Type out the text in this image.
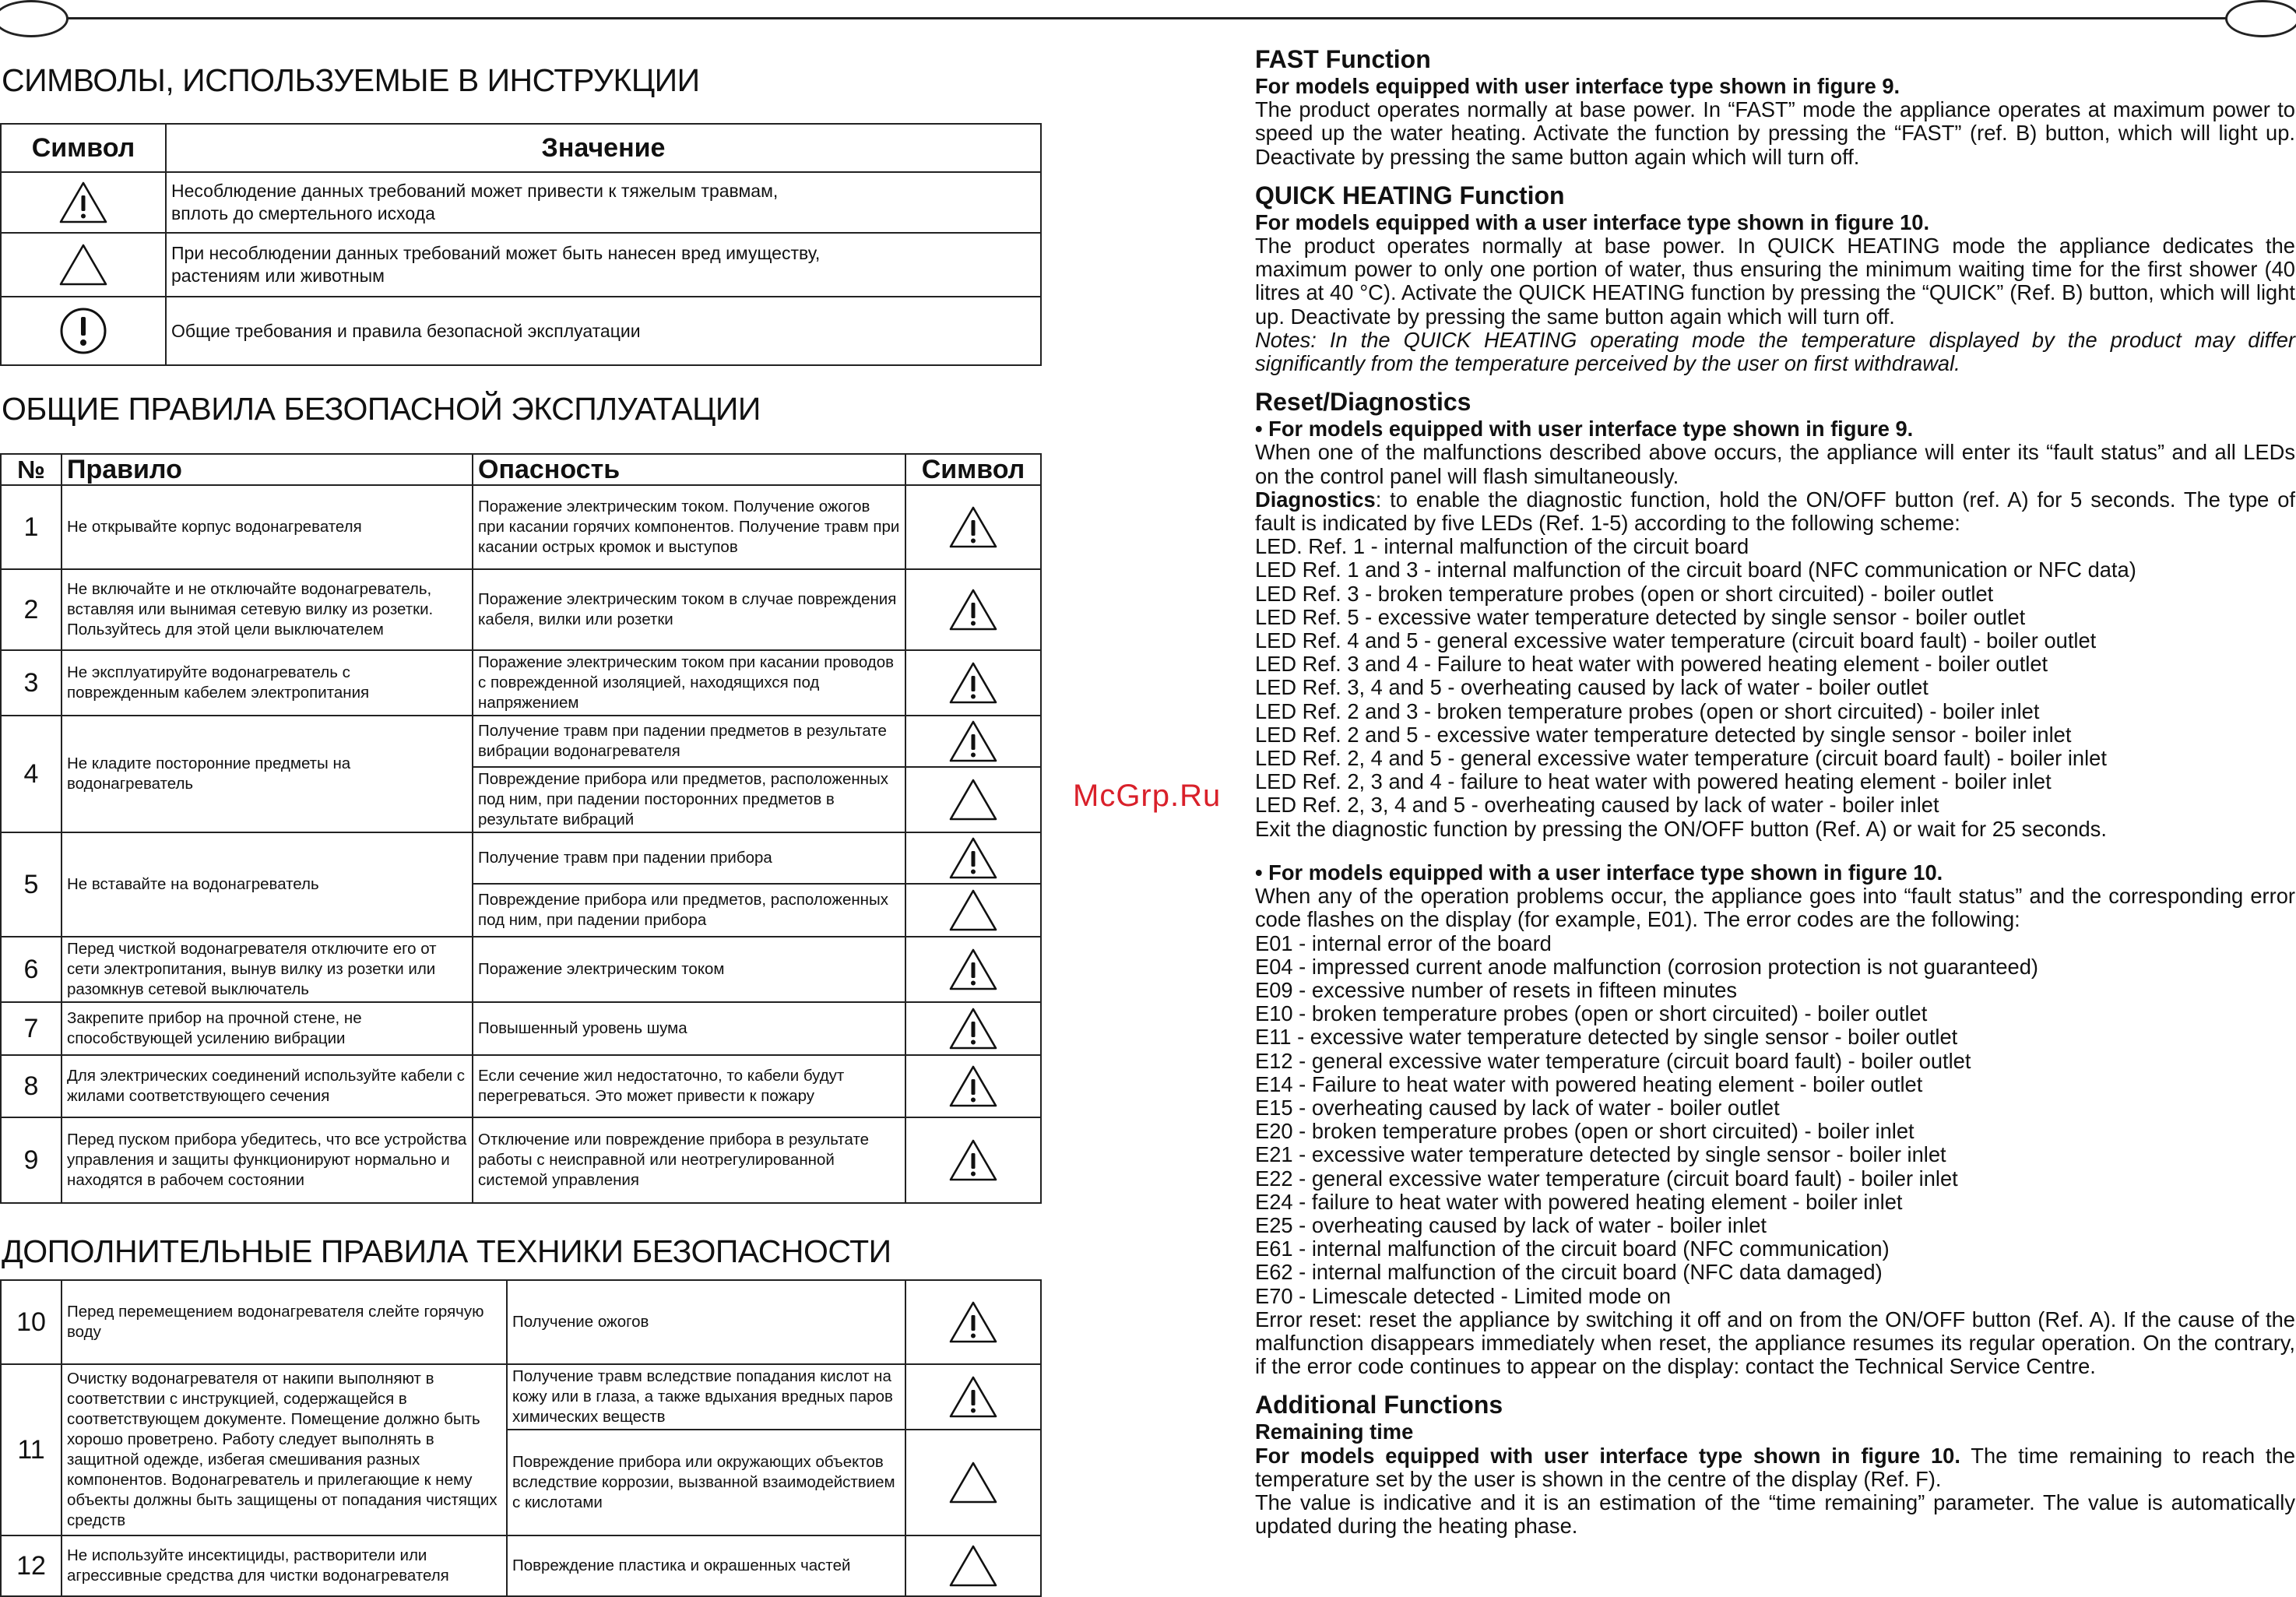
СИМВОЛЫ, ИСПОЛЬЗУЕМЫЕ В ИНСТРУКЦИИ
Символ	Значение

	Несоблюдение данных требований может привести к тяжелым травмам,
вплоть до смертельного исхода

	При несоблюдении данных требований может быть нанесен вред имуществу,
растениям или животным

	Общие требования и правила безопасной эксплуатации
ОБЩИЕ ПРАВИЛА БЕЗОПАСНОЙ ЭКСПЛУАТАЦИИ
№	Правило	Опасность	Символ
1	Не открывайте корпус водонагревателя	Поражение электрическим током. Получение ожогов при касании горячих компонентов. Получение травм при касании острых кромок и выступов	

2	Не включайте и не отключайте водонагреватель, вставляя или вынимая сетевую вилку из розетки. Пользуйтесь для этой цели выключателем	Поражение электрическим током в случае повреждения кабеля, вилки или розетки	

3	Не эксплуатируйте водонагреватель с поврежденным кабелем электропитания	Поражение электрическим током при касании проводов с поврежденной изоляцией, находящихся под напряжением	

4	Не кладите посторонние предметы на водонагреватель	Получение травм при падении предметов в результате вибрации водонагревателя	

		Повреждение прибора или предметов, расположенных под ним, при падении посторонних предметов в результате вибраций	

5	Не вставайте на водонагреватель	Получение травм при падении прибора	

		Повреждение прибора или предметов, расположенных под ним, при падении прибора	

6	Перед чисткой водонагревателя отключите его от сети электропитания, вынув вилку из розетки или разомкнув сетевой выключатель	Поражение электрическим током	

7	Закрепите прибор на прочной стене, не способствующей усилению вибрации	Повышенный уровень шума	

8	Для электрических соединений используйте кабели с жилами соответствующего сечения	Если сечение жил недостаточно, то кабели будут перегреваться. Это может привести к пожару	

9	Перед пуском прибора убедитесь, что все устройства управления и защиты функционируют нормально и находятся в рабочем состоянии	Отключение или повреждение прибора в результате работы с неисправной или неотрегулированной системой управления	
ДОПОЛНИТЕЛЬНЫЕ ПРАВИЛА ТЕХНИКИ БЕЗОПАСНОСТИ
10	Перед перемещением водонагревателя слейте горячую воду	Получение ожогов	

11	Очистку водонагревателя от накипи выполняют в соответствии с инструкцией, содержащейся в соответствующем документе. Помещение должно быть хорошо проветрено. Работу следует выполнять в защитной одежде, избегая смешивания разных компонентов. Водонагреватель и прилегающие к нему объекты должны быть защищены от попадания чистящих средств	Получение травм вследствие попадания кислот на кожу или в глаза, а также вдыхания вредных паров химических веществ	

		Повреждение прибора или окружающих объектов вследствие коррозии, вызванной взаимодействием с кислотами	

12	Не используйте инсектициды, растворители или агрессивные средства для чистки водонагревателя	Повреждение пластика и окрашенных частей	
McGrp.Ru
FAST Function

For models equipped with user interface type shown in figure 9.

The product operates normally at base power. In “FAST” mode the appliance operates at maximum power to speed up the water heating. Activate the function by pressing the “FAST” (ref. B) button, which will light up. Deactivate by pressing the same button again which will turn off.

QUICK HEATING Function

For models equipped with a user interface type shown in figure 10.

The product operates normally at base power. In QUICK HEATING mode the appliance dedicates the maximum power to only one portion of water, thus ensuring the minimum waiting time for the first shower (40 litres at 40 °C). Activate the QUICK HEATING function by pressing the “QUICK” (Ref. B) button, which will light up. Deactivate by pressing the same button again which will turn off.

Notes: In the QUICK HEATING operating mode the temperature displayed by the product may differ significantly from the temperature perceived by the user on first withdrawal.

Reset/Diagnostics

• For models equipped with user interface type shown in figure 9.

When one of the malfunctions described above occurs, the appliance will enter its “fault status” and all LEDs on the control panel will flash simultaneously.

Diagnostics: to enable the diagnostic function, hold the ON/OFF button (ref. A) for 5 seconds. The type of fault is indicated by five LEDs (Ref. 1-5) according to the following scheme:

LED. Ref. 1 - internal malfunction of the circuit board

LED Ref. 1 and 3 - internal malfunction of the circuit board (NFC communication or NFC data)

LED Ref. 3 - broken temperature probes (open or short circuited) - boiler outlet

LED Ref. 5 - excessive water temperature detected by single sensor - boiler outlet

LED Ref. 4 and 5 - general excessive water temperature (circuit board fault) - boiler outlet

LED Ref. 3 and 4 - Failure to heat water with powered heating element - boiler outlet

LED Ref. 3, 4 and 5 - overheating caused by lack of water - boiler outlet

LED Ref. 2 and 3 - broken temperature probes (open or short circuited) - boiler inlet

LED Ref. 2 and 5 - excessive water temperature detected by single sensor - boiler inlet

LED Ref. 2, 4 and 5 - general excessive water temperature (circuit board fault) - boiler inlet

LED Ref. 2, 3 and 4 - failure to heat water with powered heating element - boiler inlet

LED Ref. 2, 3, 4 and 5 - overheating caused by lack of water - boiler inlet

Exit the diagnostic function by pressing the ON/OFF button (Ref. A) or wait for 25 seconds.

• For models equipped with a user interface type shown in figure 10.

When any of the operation problems occur, the appliance goes into “fault status” and the corresponding error code flashes on the display (for example, E01). The error codes are the following:

E01 - internal error of the board

E04 - impressed current anode malfunction (corrosion protection is not guaranteed)

E09 - excessive number of resets in fifteen minutes

E10 - broken temperature probes (open or short circuited) - boiler outlet

E11 - excessive water temperature detected by single sensor - boiler outlet

E12 - general excessive water temperature (circuit board fault) - boiler outlet

E14 - Failure to heat water with powered heating element - boiler outlet

E15 - overheating caused by lack of water - boiler outlet

E20 - broken temperature probes (open or short circuited) - boiler inlet

E21 - excessive water temperature detected by single sensor - boiler inlet

E22 - general excessive water temperature (circuit board fault) - boiler inlet

E24 - failure to heat water with powered heating element - boiler inlet

E25 - overheating caused by lack of water - boiler inlet

E61 - internal malfunction of the circuit board (NFC communication)

E62 - internal malfunction of the circuit board (NFC data damaged)

E70 - Limescale detected - Limited mode on

Error reset: reset the appliance by switching it off and on from the ON/OFF button (Ref. A). If the cause of the malfunction disappears immediately when reset, the appliance resumes its regular operation. On the contrary, if the error code continues to appear on the display: contact the Technical Service Centre.

Additional Functions

Remaining time

For models equipped with user interface type shown in figure 10. The time remaining to reach the temperature set by the user is shown in the centre of the display (Ref. F).

The value is indicative and it is an estimation of the “time remaining” parameter. The value is automatically updated during the heating phase.
